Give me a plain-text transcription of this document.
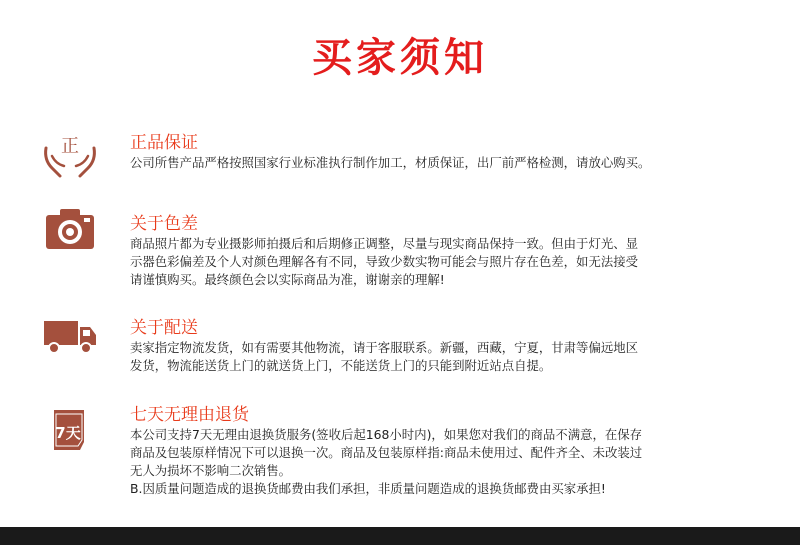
买家须知
正	正品保证
公司所售产品严格按照国家行业标准执行制作加工，材质保证，出厂前严格检测，请放心购买。
关于色差
商品照片都为专业摄影师拍摄后和后期修正调整，尽量与现实商品保持一致。但由于灯光、显
示器色彩偏差及个人对颜色理解各有不同，导致少数实物可能会与照片存在色差，如无法接受
请谨慎购买。最终颜色会以实际商品为准，谢谢亲的理解!
关于配送
卖家指定物流发货，如有需要其他物流，请于客服联系。新疆，西藏，宁夏，甘肃等偏远地区
发货，物流能送货上门的就送货上门，不能送货上门的只能到附近站点自提。
7天
七天无理由退货
本公司支持7天无理由退换货服务(签收后起168小时内)，如果您对我们的商品不满意，在保存
商品及包装原样情况下可以退换一次。商品及包装原样指:商品未使用过、配件齐全、未改装过
无人为损坏不影响二次销售。
B.因质量问题造成的退换货邮费由我们承担，非质量问题造成的退换货邮费由买家承担!
